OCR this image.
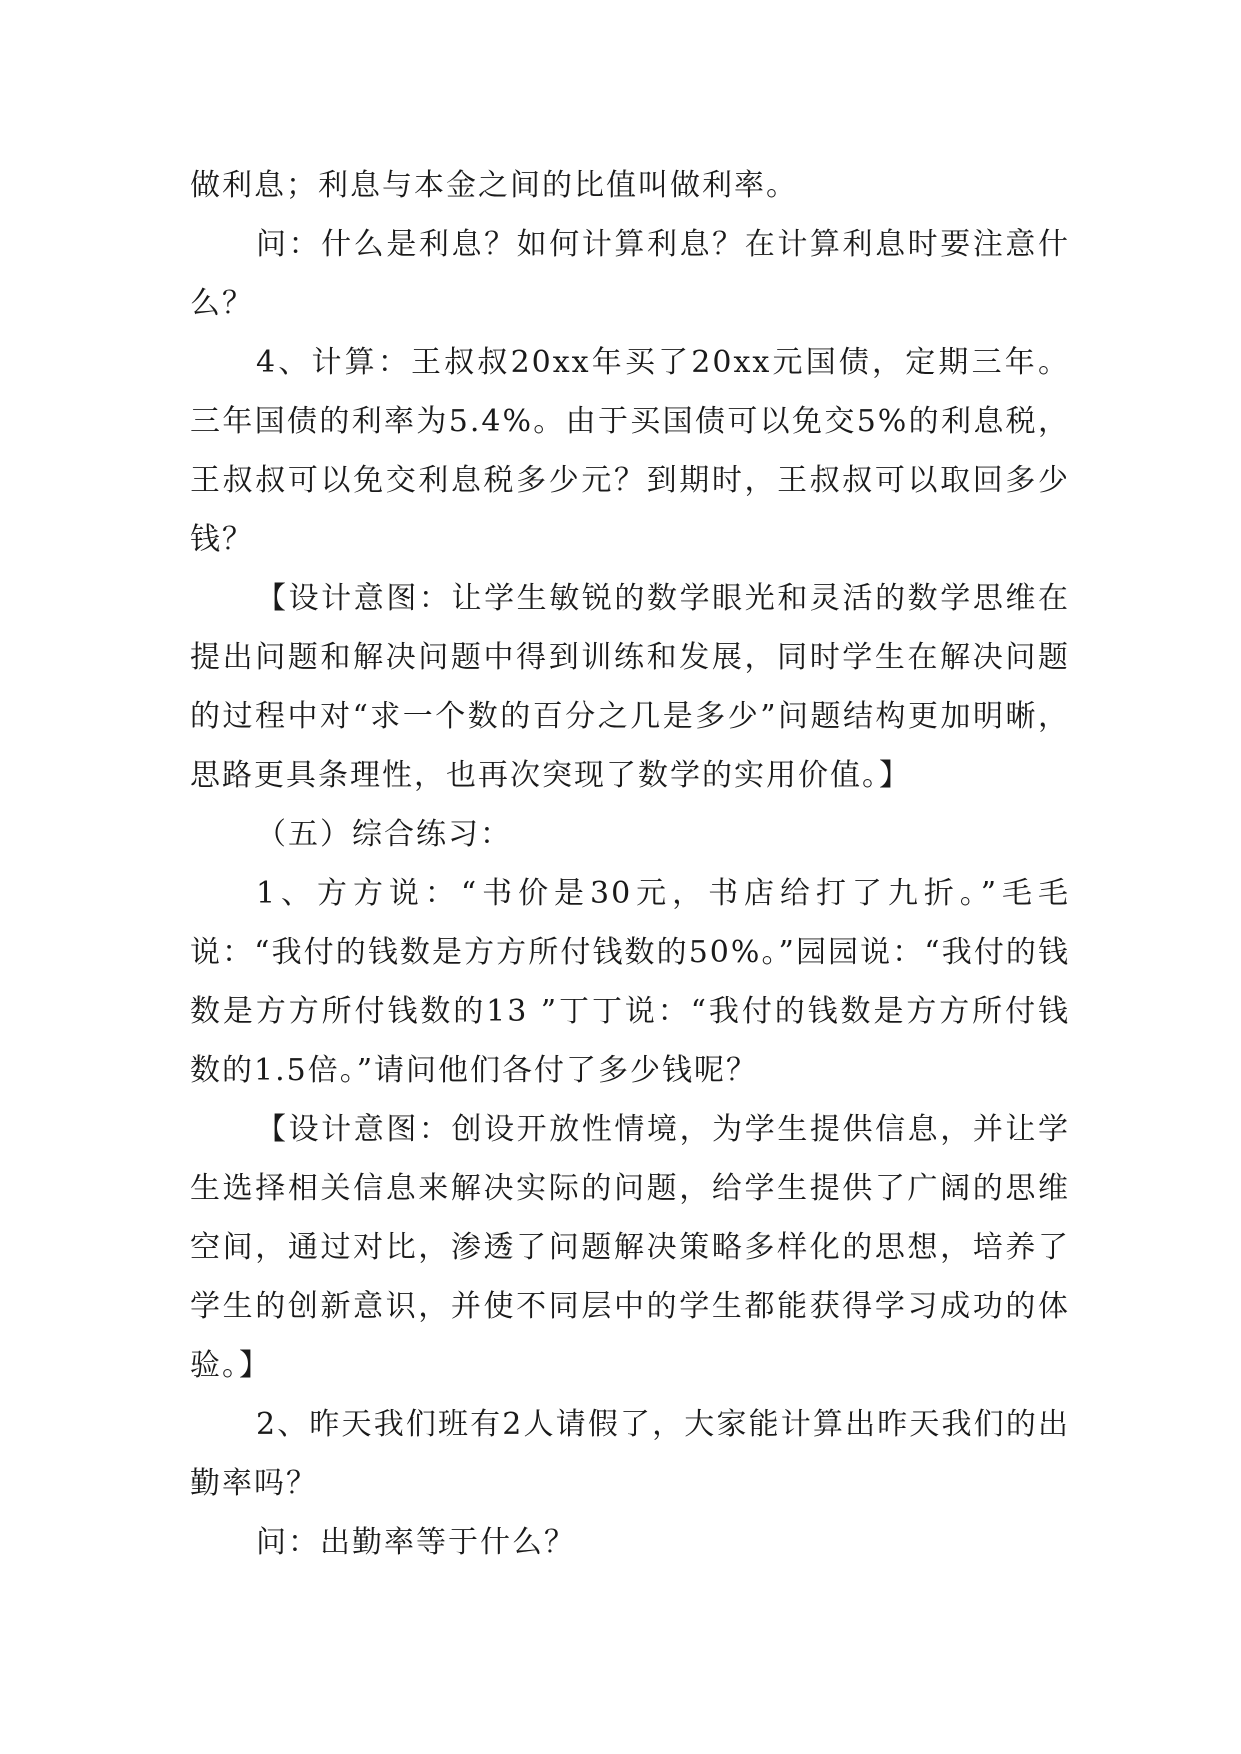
做利息；利息与本金之间的比值叫做利率。

问：什么是利息？如何计算利息？在计算利息时要注意什么？

4、计算：王叔叔20xx年买了20xx元国债，定期三年。三年国债的利率为5.4%。由于买国债可以免交5%的利息税，王叔叔可以免交利息税多少元？到期时，王叔叔可以取回多少钱？

【设计意图：让学生敏锐的数学眼光和灵活的数学思维在提出问题和解决问题中得到训练和发展，同时学生在解决问题的过程中对“求一个数的百分之几是多少”问题结构更加明晰，思路更具条理性，也再次突现了数学的实用价值。】

（五）综合练习：

1、方方说：“书价是30元，书店给打了九折。”毛毛说：“我付的钱数是方方所付钱数的50%。”园园说：“我付的钱数是方方所付钱数的13 ”丁丁说：“我付的钱数是方方所付钱数的1.5倍。”请问他们各付了多少钱呢？

【设计意图：创设开放性情境，为学生提供信息，并让学生选择相关信息来解决实际的问题，给学生提供了广阔的思维空间，通过对比，渗透了问题解决策略多样化的思想，培养了学生的创新意识，并使不同层中的学生都能获得学习成功的体验。】

2、昨天我们班有2人请假了，大家能计算出昨天我们的出勤率吗？

问：出勤率等于什么？
